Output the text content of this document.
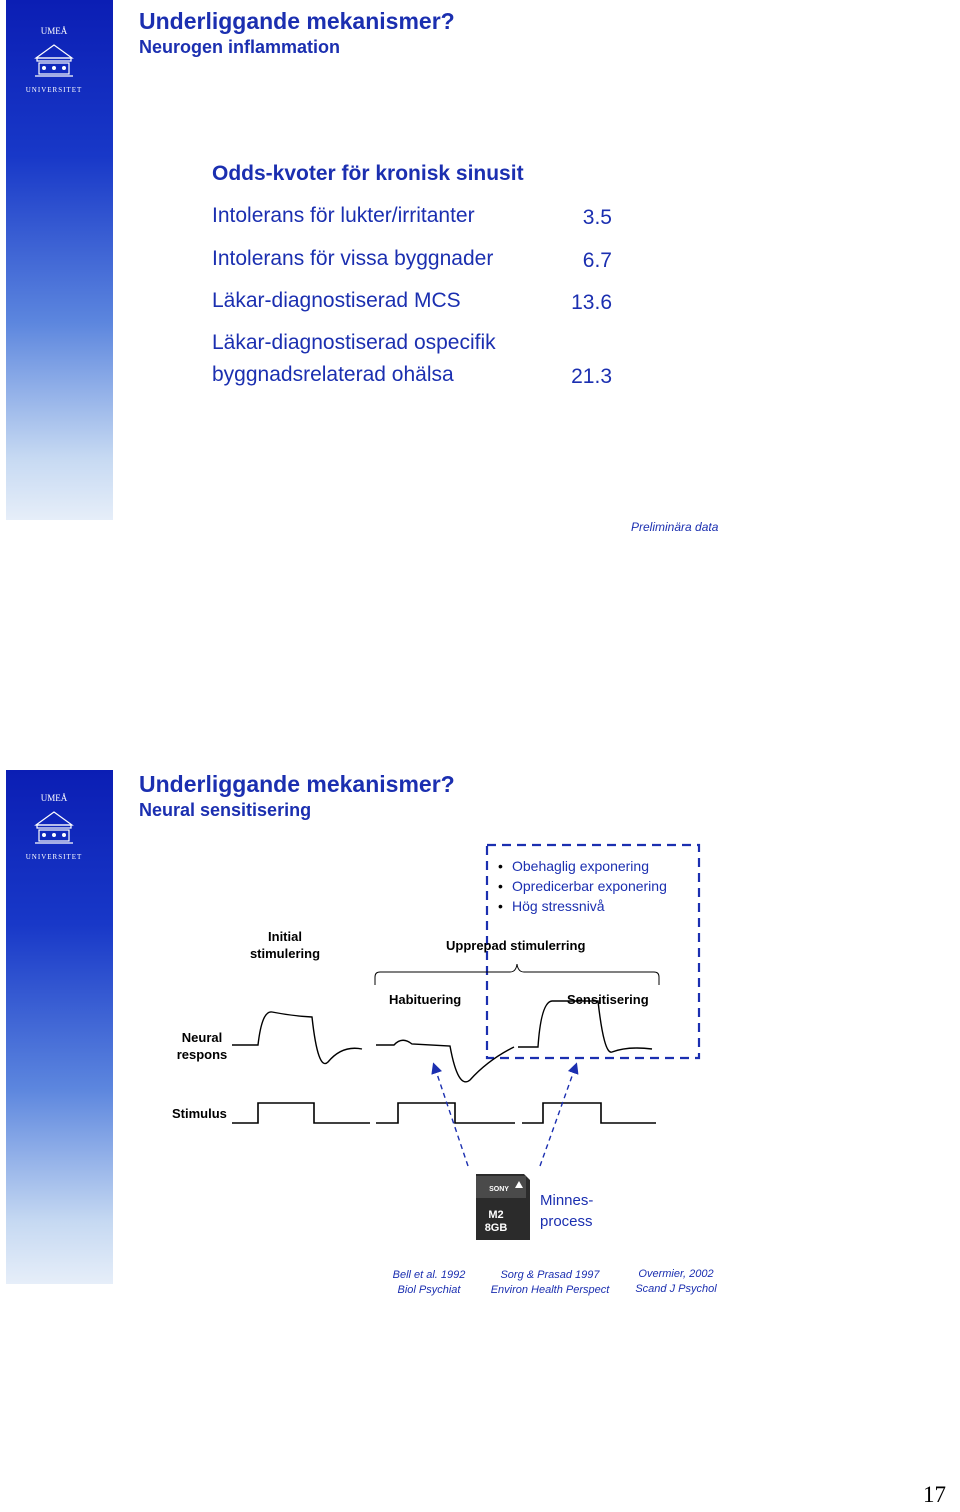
UMEÅ
UNIVERSITET
Underliggande mekanismer?
Neurogen inflammation
Odds-kvoter för kronisk sinusit
Intolerans för lukter/irritanter	3.5
Intolerans för vissa byggnader	6.7
Läkar-diagnostiserad MCS	13.6
Läkar-diagnostiserad ospecifik
byggnadsrelaterad ohälsa	21.3
Preliminära data
UMEÅ
UNIVERSITET
Underliggande mekanismer?
Neural sensitisering
SONY
M2
8GB
• Obehaglig exponering
• Opredicerbar exponering
• Hög stressnivå
Initial stimulering
Upprepad stimulerring
Habituering	Sensitisering
Neural respons
Stimulus
Minnes- process
Bell et al. 1992
Biol Psychiat
Sorg & Prasad 1997
Environ Health Perspect
Overmier, 2002
Scand J Psychol
17
